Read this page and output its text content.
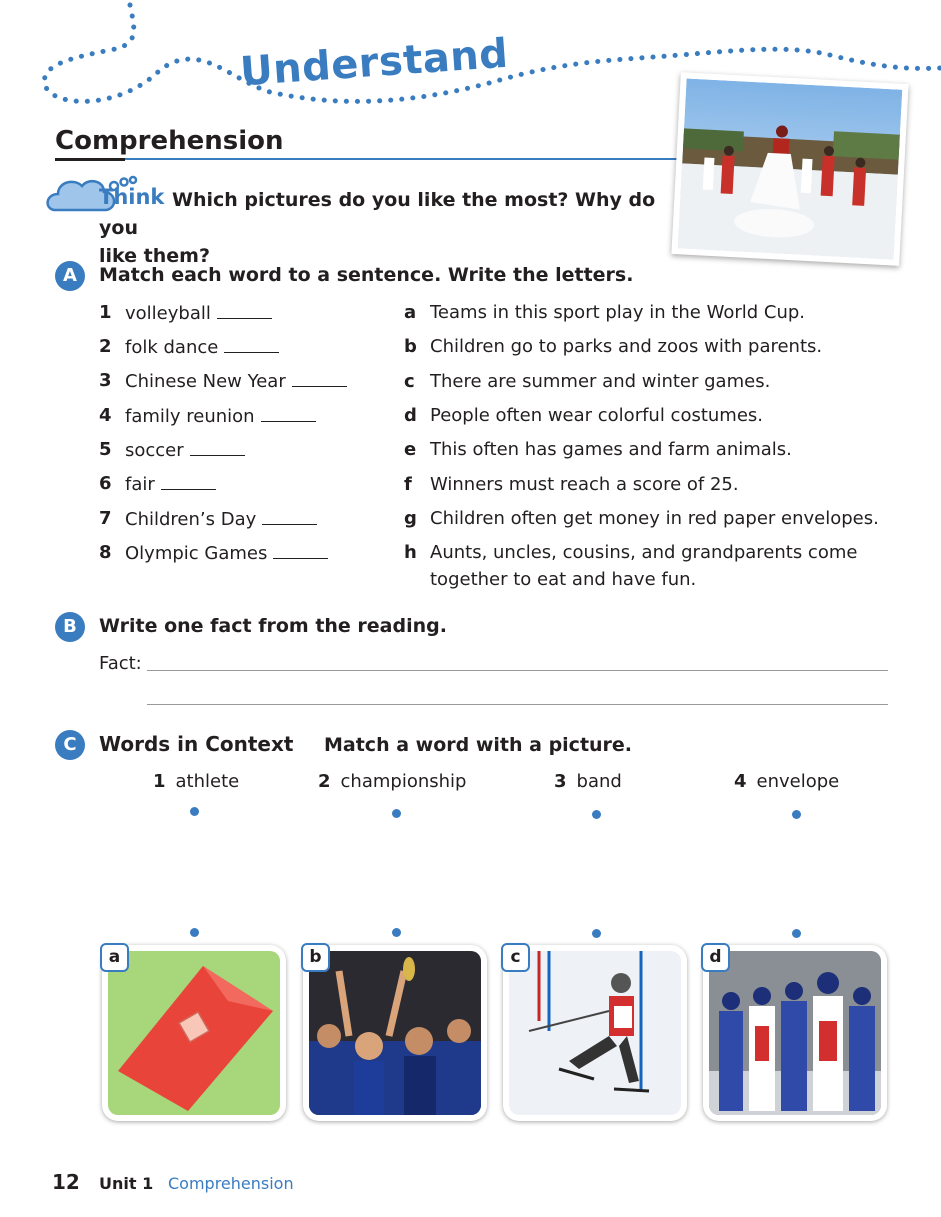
Understand
Comprehension
Think Which pictures do you like the most? Why do you
like them?
A	Match each word to a sentence. Write the letters.
1 volleyball
2 folk dance
3 Chinese New Year
4 family reunion
5 soccer
6 fair
7 Children’s Day
8 Olympic Games
a Teams in this sport play in the World Cup.
b Children go to parks and zoos with parents.
c There are summer and winter games.
d People often wear colorful costumes.
e This often has games and farm animals.
f Winners must reach a score of 25.
g Children often get money in red paper envelopes.
h Aunts, uncles, cousins, and grandparents come together to eat and have fun.
B	Write one fact from the reading.
Fact:
C	Words in Context Match a word with a picture.
1 athlete	2 championship	3 band	4 envelope
a	b	c	d
12 Unit 1 Comprehension
